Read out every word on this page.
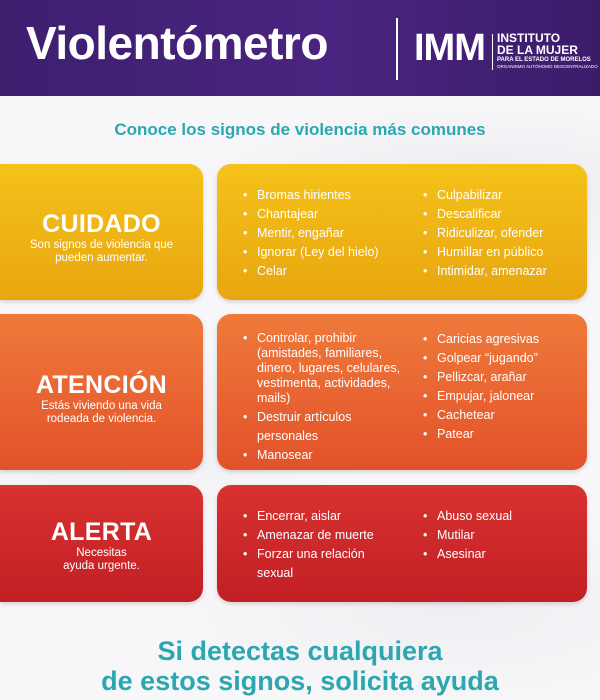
Violentómetro IMM INSTITUTO
DE LA MUJER
PARA EL ESTADO DE MORELOS
ORGANISMO AUTÓNOMO DESCENTRALIZADO
Conoce los signos de violencia más comunes
CUIDADO

Son signos de violencia que pueden aumentar.

• Bromas hirientes
• Chantajear
• Mentir, engañar
• Ignorar (Ley del hielo)
• Celar
• Culpabilizar
• Descalificar
• Ridiculizar, ofender
• Humillar en público
• Intimidar, amenazar
ATENCIÓN

Estás viviendo una vida rodeada de violencia.

• Controlar, prohibir (amistades, familiares, dinero, lugares, celulares, vestimenta, actividades, mails)
• Destruir artículos personales
• Manosear
• Caricias agresivas
• Golpear “jugando”
• Pellizcar, arañar
• Empujar, jalonear
• Cachetear
• Patear
ALERTA

Necesitas ayuda urgente.

• Encerrar, aislar
• Amenazar de muerte
• Forzar una relación sexual
• Abuso sexual
• Mutilar
• Asesinar
Si detectas cualquiera
de estos signos, solicita ayuda
